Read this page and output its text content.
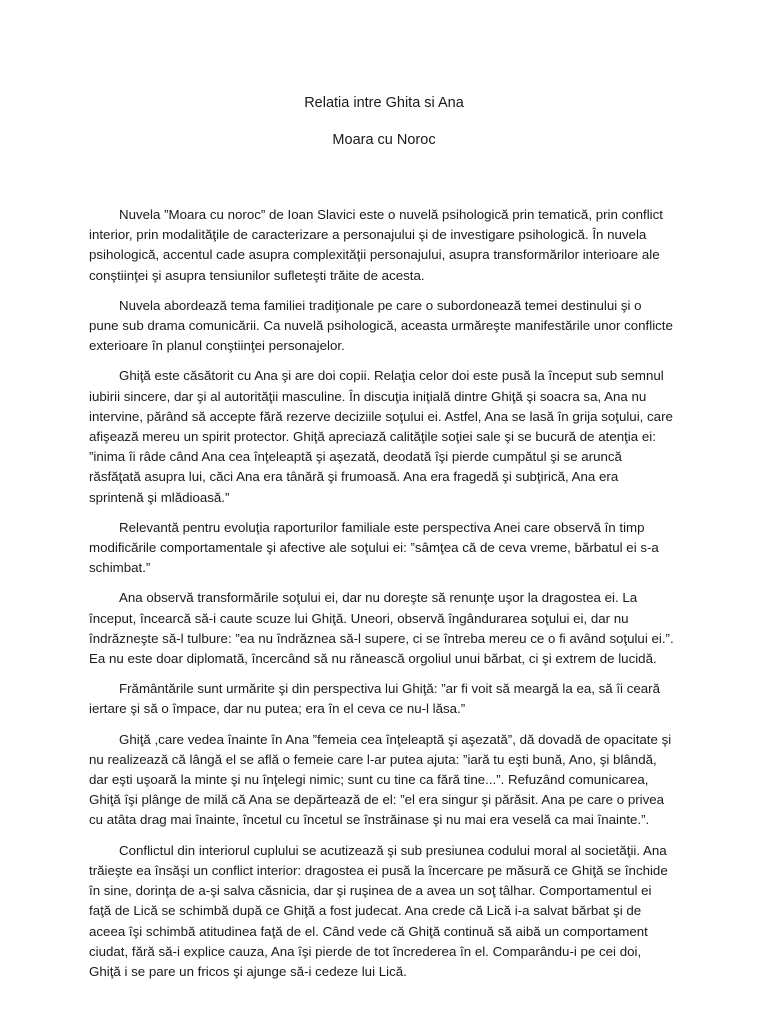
Relatia intre Ghita si Ana
Moara cu Noroc

Nuvela ”Moara cu noroc” de Ioan Slavici este o nuvelă psihologică prin tematică, prin conflict interior, prin modalităţile de caracterizare a personajului şi de investigare psihologică. În nuvela psihologică, accentul cade asupra complexităţii personajului, asupra transformărilor interioare ale conştiinţei şi asupra tensiunilor sufleteşti trăite de acesta.

Nuvela abordează tema familiei tradiţionale pe care o subordonează temei destinului şi o pune sub drama comunicării. Ca nuvelă psihologică, aceasta urmăreşte manifestările unor conflicte exterioare în planul conştiinţei personajelor.

Ghiţă este căsătorit cu Ana şi are doi copii. Relaţia celor doi este pusă la început sub semnul iubirii sincere, dar şi al autorităţii masculine. În discuţia iniţială dintre Ghiţă şi soacra sa, Ana nu intervine, părând să accepte fără rezerve deciziile soţului ei. Astfel, Ana se lasă în grija soţului, care afişează mereu un spirit protector. Ghiţă apreciază calităţile soţiei sale şi se bucură de atenţia ei: ”inima îi râde când Ana cea înţeleaptă şi aşezată, deodată îşi pierde cumpătul şi se aruncă răsfăţată asupra lui, căci Ana era tânără şi frumoasă. Ana era fragedă şi subţirică, Ana era sprintenă şi mlădioasă.”

Relevantă pentru evoluţia raporturilor familiale este perspectiva Anei care observă în timp modificările comportamentale şi afective ale soţului ei: ”sâmţea că de ceva vreme, bărbatul ei s-a schimbat.”

Ana observă transformările soţului ei, dar nu doreşte să renunţe uşor la dragostea ei. La început, încearcă să-i caute scuze lui Ghiţă. Uneori, observă îngândurarea soţului ei, dar nu îndrăzneşte să-l tulbure: ”ea nu îndrăznea să-l supere, ci se întreba mereu ce o fi având soţului ei.”. Ea nu este doar diplomată, încercând să nu rănească orgoliul unui bărbat, ci şi extrem de lucidă.

Frământările sunt urmărite şi din perspectiva lui Ghiţă: ”ar fi voit să meargă la ea, să îi ceară iertare şi să o împace, dar nu putea; era în el ceva ce nu-l lăsa.”

Ghiţă ,care vedea înainte în Ana ”femeia cea înţeleaptă şi aşezată”, dă dovadă de opacitate şi nu realizează că lângă el se află o femeie care l-ar putea ajuta: ”iară tu eşti bună, Ano, şi blândă, dar eşti uşoară la minte şi nu înţelegi nimic; sunt cu tine ca fără tine...”. Refuzând comunicarea, Ghiţă îşi plânge de milă că Ana se depărtează de el: ”el era singur şi părăsit. Ana pe care o privea cu atâta drag mai înainte, încetul cu încetul se înstrăinase şi nu mai era veselă ca mai înainte.”.

Conflictul din interiorul cuplului se acutizează şi sub presiunea codului moral al societăţii. Ana trăieşte ea însăşi un conflict interior: dragostea ei pusă la încercare pe măsură ce Ghiţă se închide în sine, dorinţa de a-şi salva căsnicia, dar şi ruşinea de a avea un soţ tâlhar. Comportamentul ei faţă de Lică se schimbă după ce Ghiţă a fost judecat. Ana crede că Lică i-a salvat bărbat şi de aceea îşi schimbă atitudinea faţă de el. Când vede că Ghiţă continuă să aibă un comportament ciudat, fără să-i explice cauza, Ana îşi pierde de tot încrederea în el. Comparându-i pe cei doi, Ghiţă i se pare un fricos şi ajunge să-i cedeze lui Lică.
